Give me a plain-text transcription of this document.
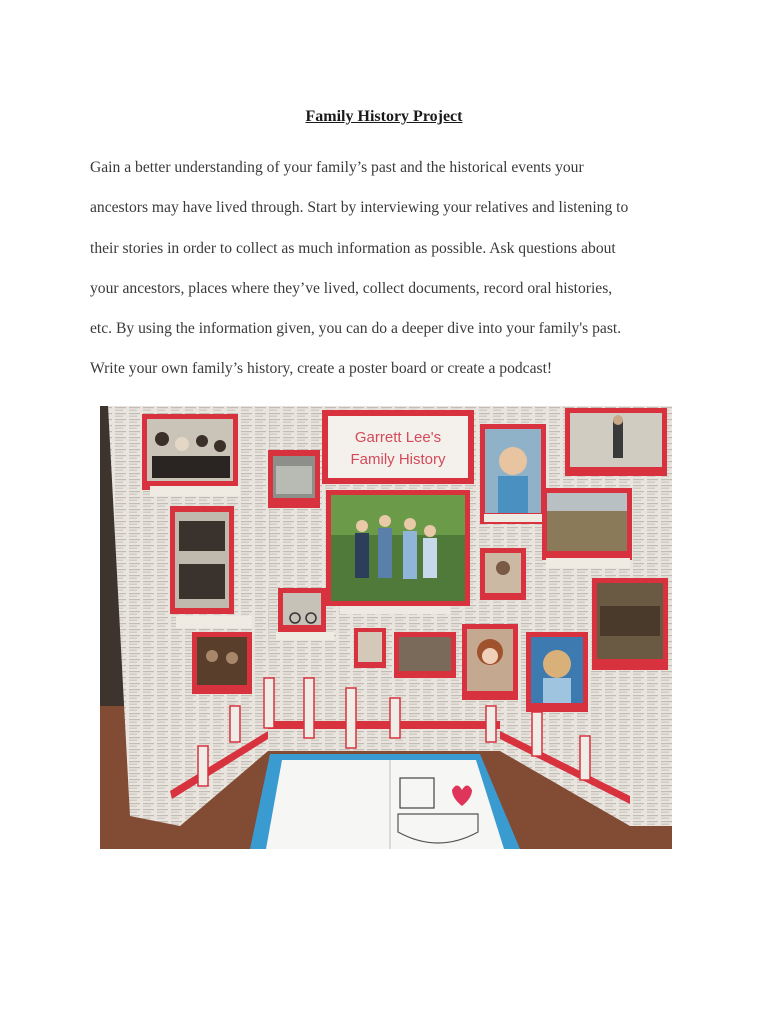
Family History Project

Gain a better understanding of your family’s past and the historical events your
ancestors may have lived through. Start by interviewing your relatives and listening to
their stories in order to collect as much information as possible. Ask questions about
your ancestors, places where they’ve lived, collect documents, record oral histories,
etc. By using the information given, you can do a deeper dive into your family's past.
Write your own family’s history, create a poster board or create a podcast!

Garrett Lee's
Family History
